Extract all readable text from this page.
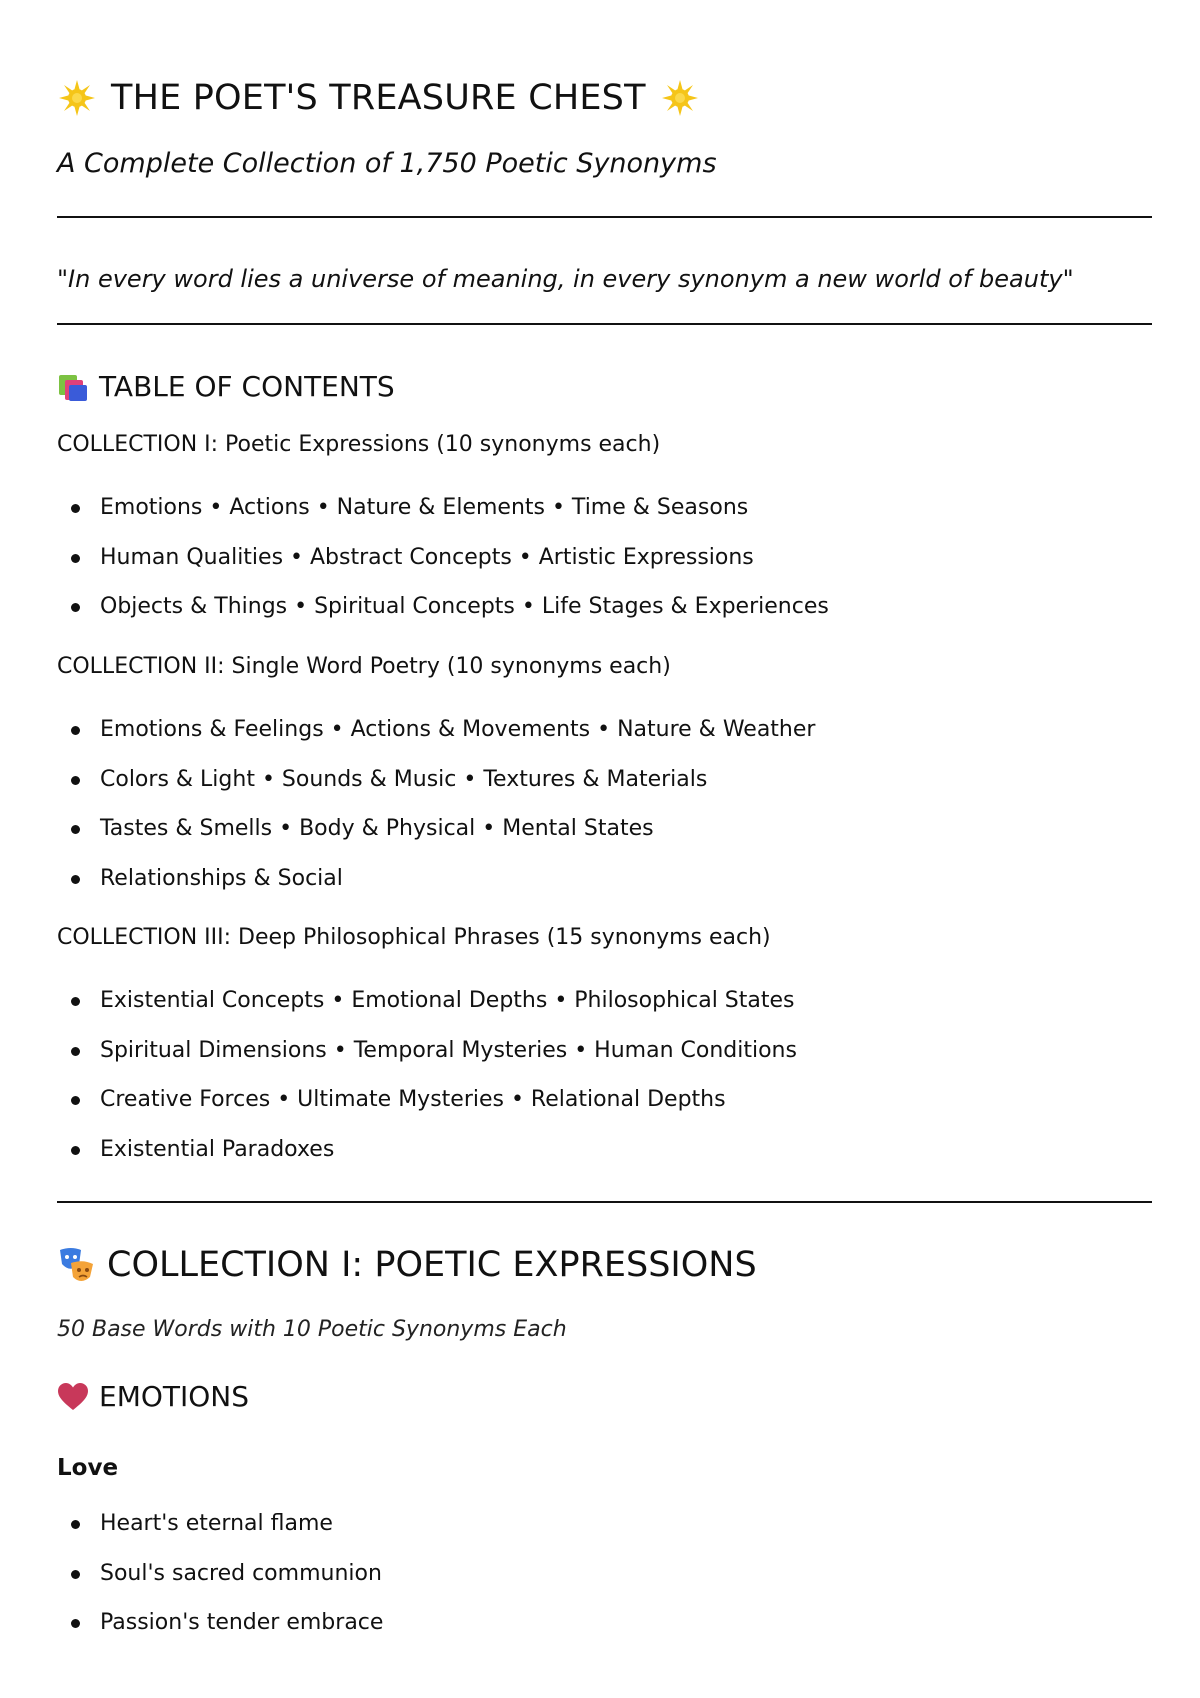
THE POET'S TREASURE CHEST
A Complete Collection of 1,750 Poetic Synonyms
"In every word lies a universe of meaning, in every synonym a new world of beauty"
TABLE OF CONTENTS
COLLECTION I: Poetic Expressions (10 synonyms each)
Emotions • Actions • Nature & Elements • Time & Seasons
Human Qualities • Abstract Concepts • Artistic Expressions
Objects & Things • Spiritual Concepts • Life Stages & Experiences
COLLECTION II: Single Word Poetry (10 synonyms each)
Emotions & Feelings • Actions & Movements • Nature & Weather
Colors & Light • Sounds & Music • Textures & Materials
Tastes & Smells • Body & Physical • Mental States
Relationships & Social
COLLECTION III: Deep Philosophical Phrases (15 synonyms each)
Existential Concepts • Emotional Depths • Philosophical States
Spiritual Dimensions • Temporal Mysteries • Human Conditions
Creative Forces • Ultimate Mysteries • Relational Depths
Existential Paradoxes
COLLECTION I: POETIC EXPRESSIONS
50 Base Words with 10 Poetic Synonyms Each
EMOTIONS
Love
Heart's eternal flame
Soul's sacred communion
Passion's tender embrace
